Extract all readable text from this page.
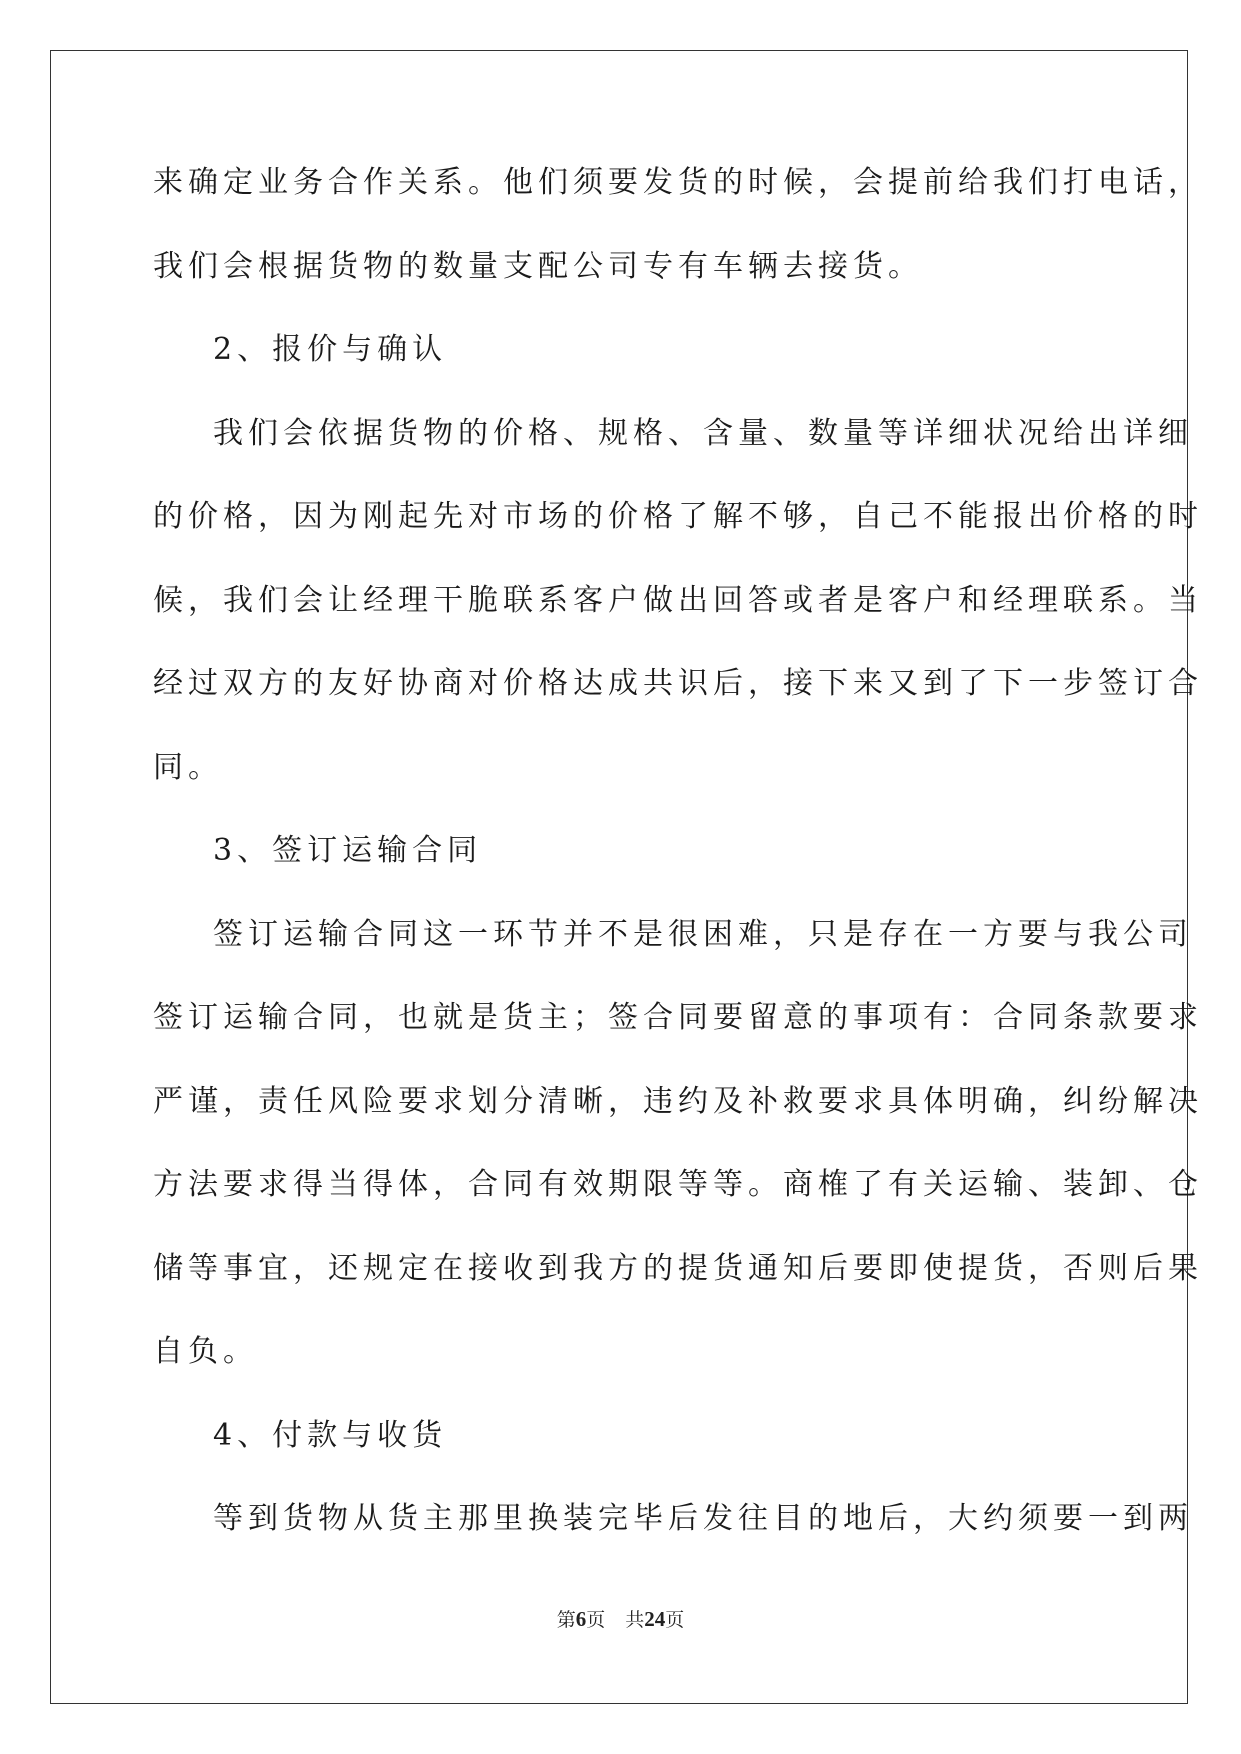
来确定业务合作关系。他们须要发货的时候，会提前给我们打电话，
我们会根据货物的数量支配公司专有车辆去接货。
2、报价与确认
我们会依据货物的价格、规格、含量、数量等详细状况给出详细
的价格，因为刚起先对市场的价格了解不够，自己不能报出价格的时
候，我们会让经理干脆联系客户做出回答或者是客户和经理联系。当
经过双方的友好协商对价格达成共识后，接下来又到了下一步签订合
同。
3、签订运输合同
签订运输合同这一环节并不是很困难，只是存在一方要与我公司
签订运输合同，也就是货主；签合同要留意的事项有：合同条款要求
严谨，责任风险要求划分清晰，违约及补救要求具体明确，纠纷解决
方法要求得当得体，合同有效期限等等。商榷了有关运输、装卸、仓
储等事宜，还规定在接收到我方的提货通知后要即使提货，否则后果
自负。
4、付款与收货
等到货物从货主那里换装完毕后发往目的地后，大约须要一到两
第6页 共24页
